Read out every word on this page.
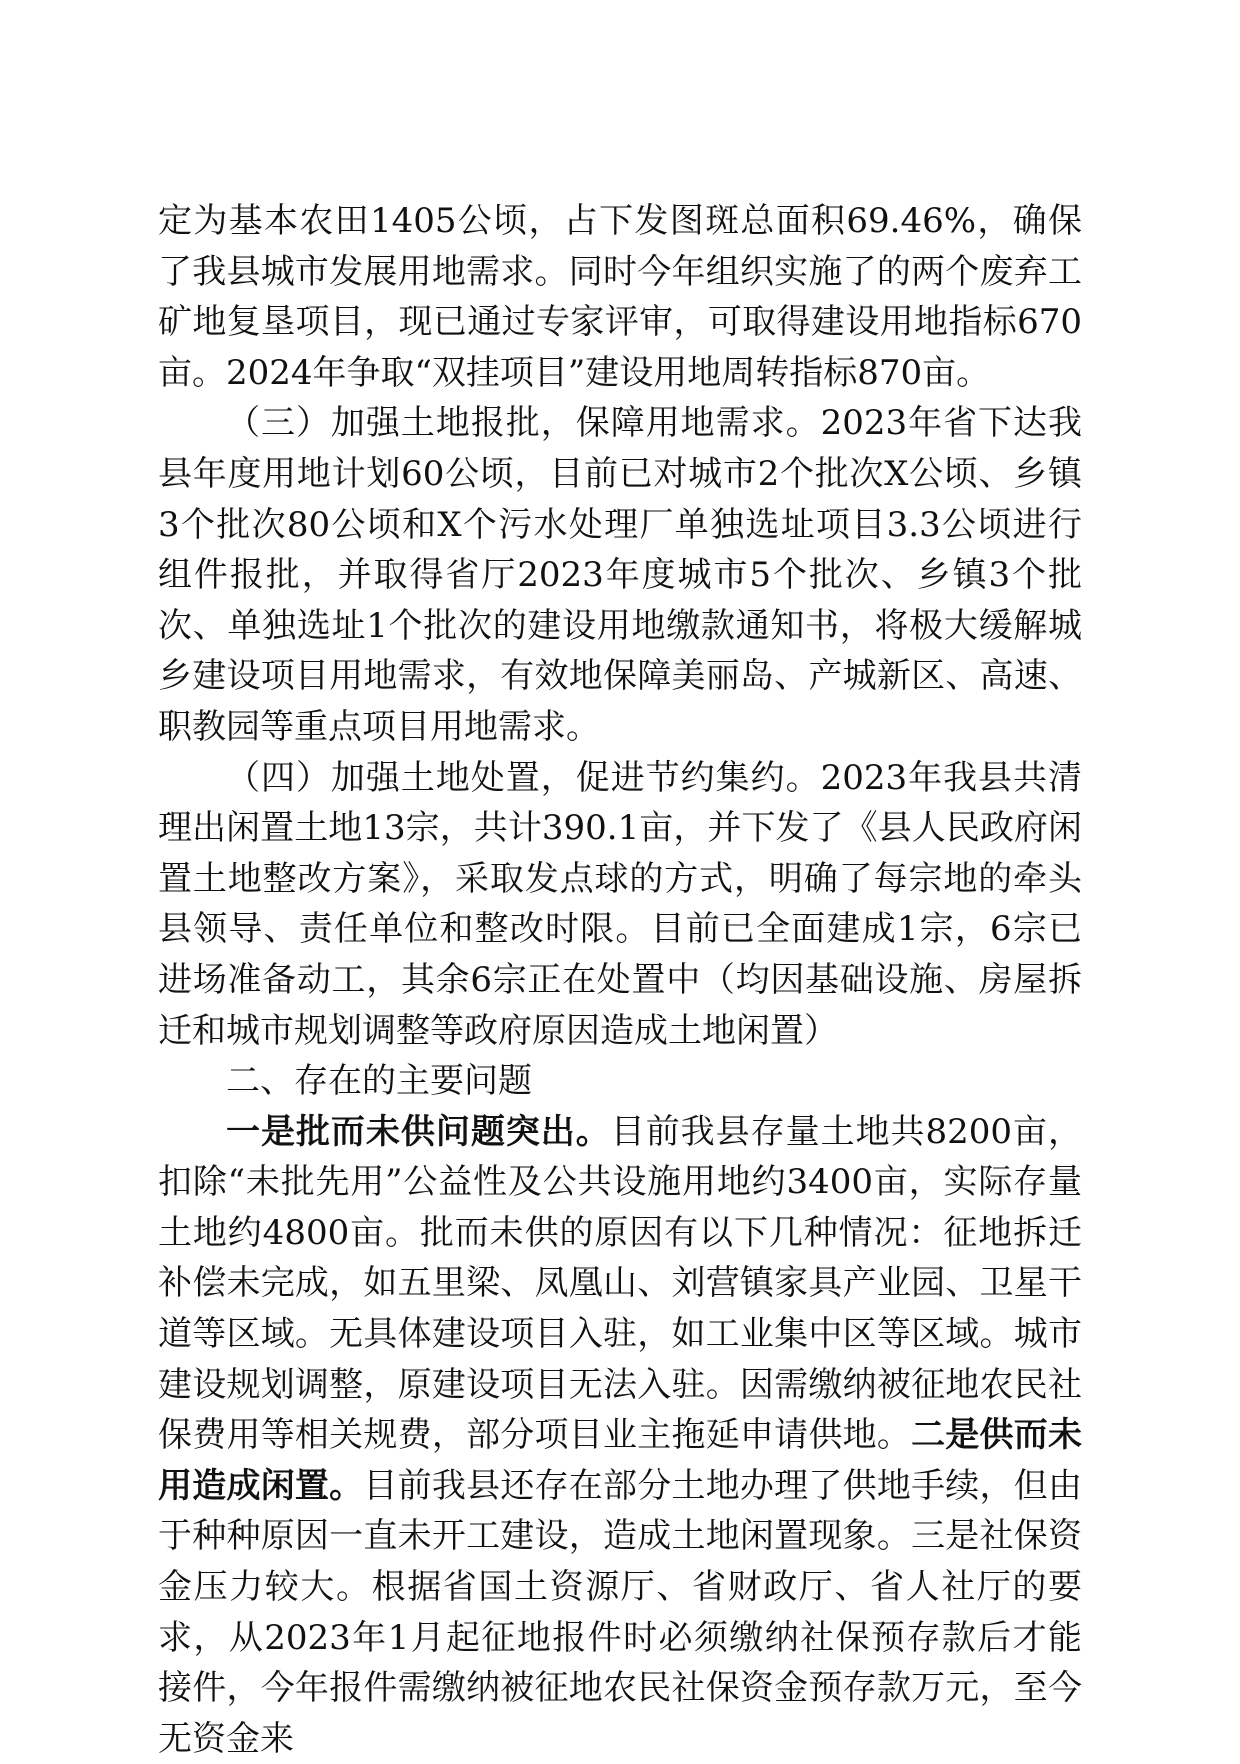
定为基本农田1405公顷，占下发图斑总面积69.46%，确保了我县城市发展用地需求。同时今年组织实施了的两个废弃工矿地复垦项目，现已通过专家评审，可取得建设用地指标670亩。2024年争取“双挂项目”建设用地周转指标870亩。

（三）加强土地报批，保障用地需求。2023年省下达我县年度用地计划60公顷，目前已对城市2个批次X公顷、乡镇3个批次80公顷和X个污水处理厂单独选址项目3.3公顷进行组件报批，并取得省厅2023年度城市5个批次、乡镇3个批次、单独选址1个批次的建设用地缴款通知书，将极大缓解城乡建设项目用地需求，有效地保障美丽岛、产城新区、高速、职教园等重点项目用地需求。

（四）加强土地处置，促进节约集约。2023年我县共清理出闲置土地13宗，共计390.1亩，并下发了《县人民政府闲置土地整改方案》，采取发点球的方式，明确了每宗地的牵头县领导、责任单位和整改时限。目前已全面建成1宗，6宗已进场准备动工，其余6宗正在处置中（均因基础设施、房屋拆迁和城市规划调整等政府原因造成土地闲置）

二、存在的主要问题

一是批而未供问题突出。目前我县存量土地共8200亩，扣除“未批先用”公益性及公共设施用地约3400亩，实际存量土地约4800亩。批而未供的原因有以下几种情况：征地拆迁补偿未完成，如五里梁、凤凰山、刘营镇家具产业园、卫星干道等区域。无具体建设项目入驻，如工业集中区等区域。城市建设规划调整，原建设项目无法入驻。因需缴纳被征地农民社保费用等相关规费，部分项目业主拖延申请供地。二是供而未用造成闲置。目前我县还存在部分土地办理了供地手续，但由于种种原因一直未开工建设，造成土地闲置现象。三是社保资金压力较大。根据省国土资源厅、省财政厅、省人社厅的要求，从2023年1月起征地报件时必须缴纳社保预存款后才能接件，今年报件需缴纳被征地农民社保资金预存款万元，至今无资金来
